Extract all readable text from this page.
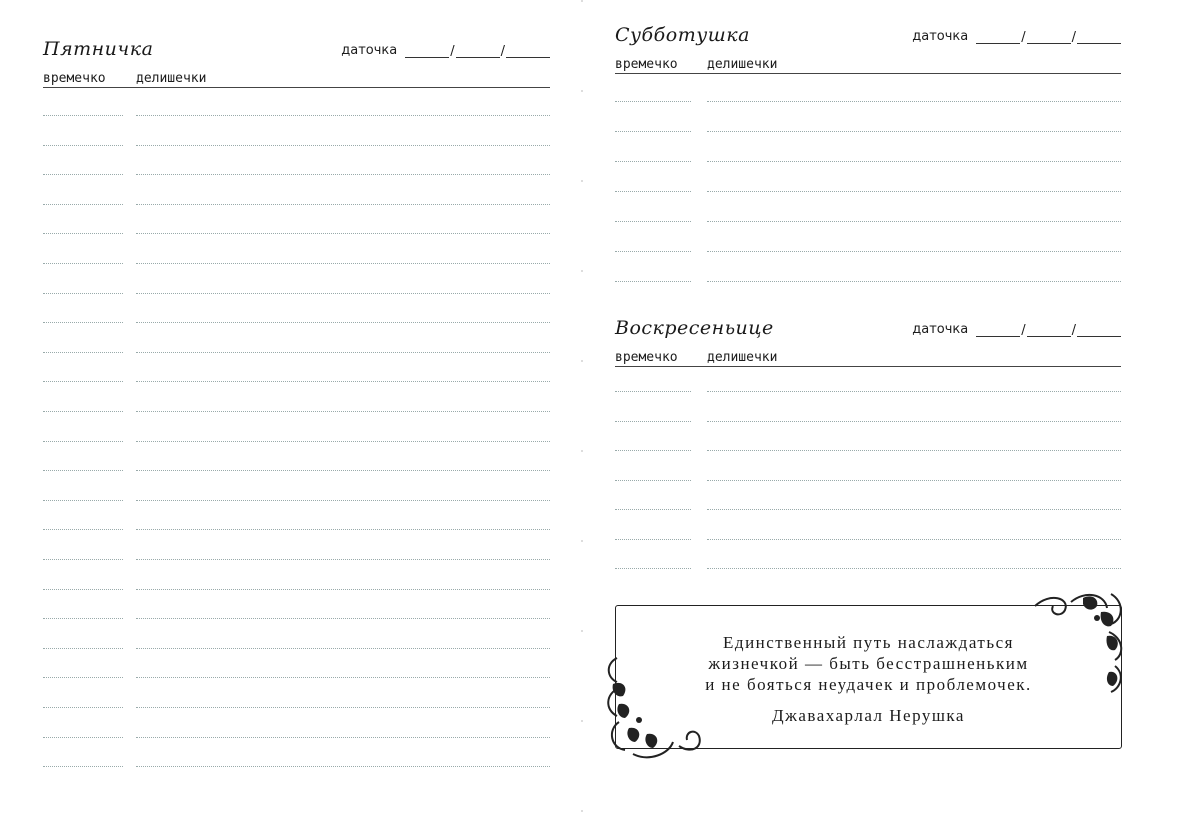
Пятничка	даточка	/	/
времечко делишечки
Субботушка	даточка	/	/
времечко делишечки
Воскресеньице	даточка	/	/
времечко делишечки
Единственный путь наслаждаться
жизнечкой — быть бесстрашненьким
и не бояться неудачек и проблемочек.
Джавахарлал Нерушка
